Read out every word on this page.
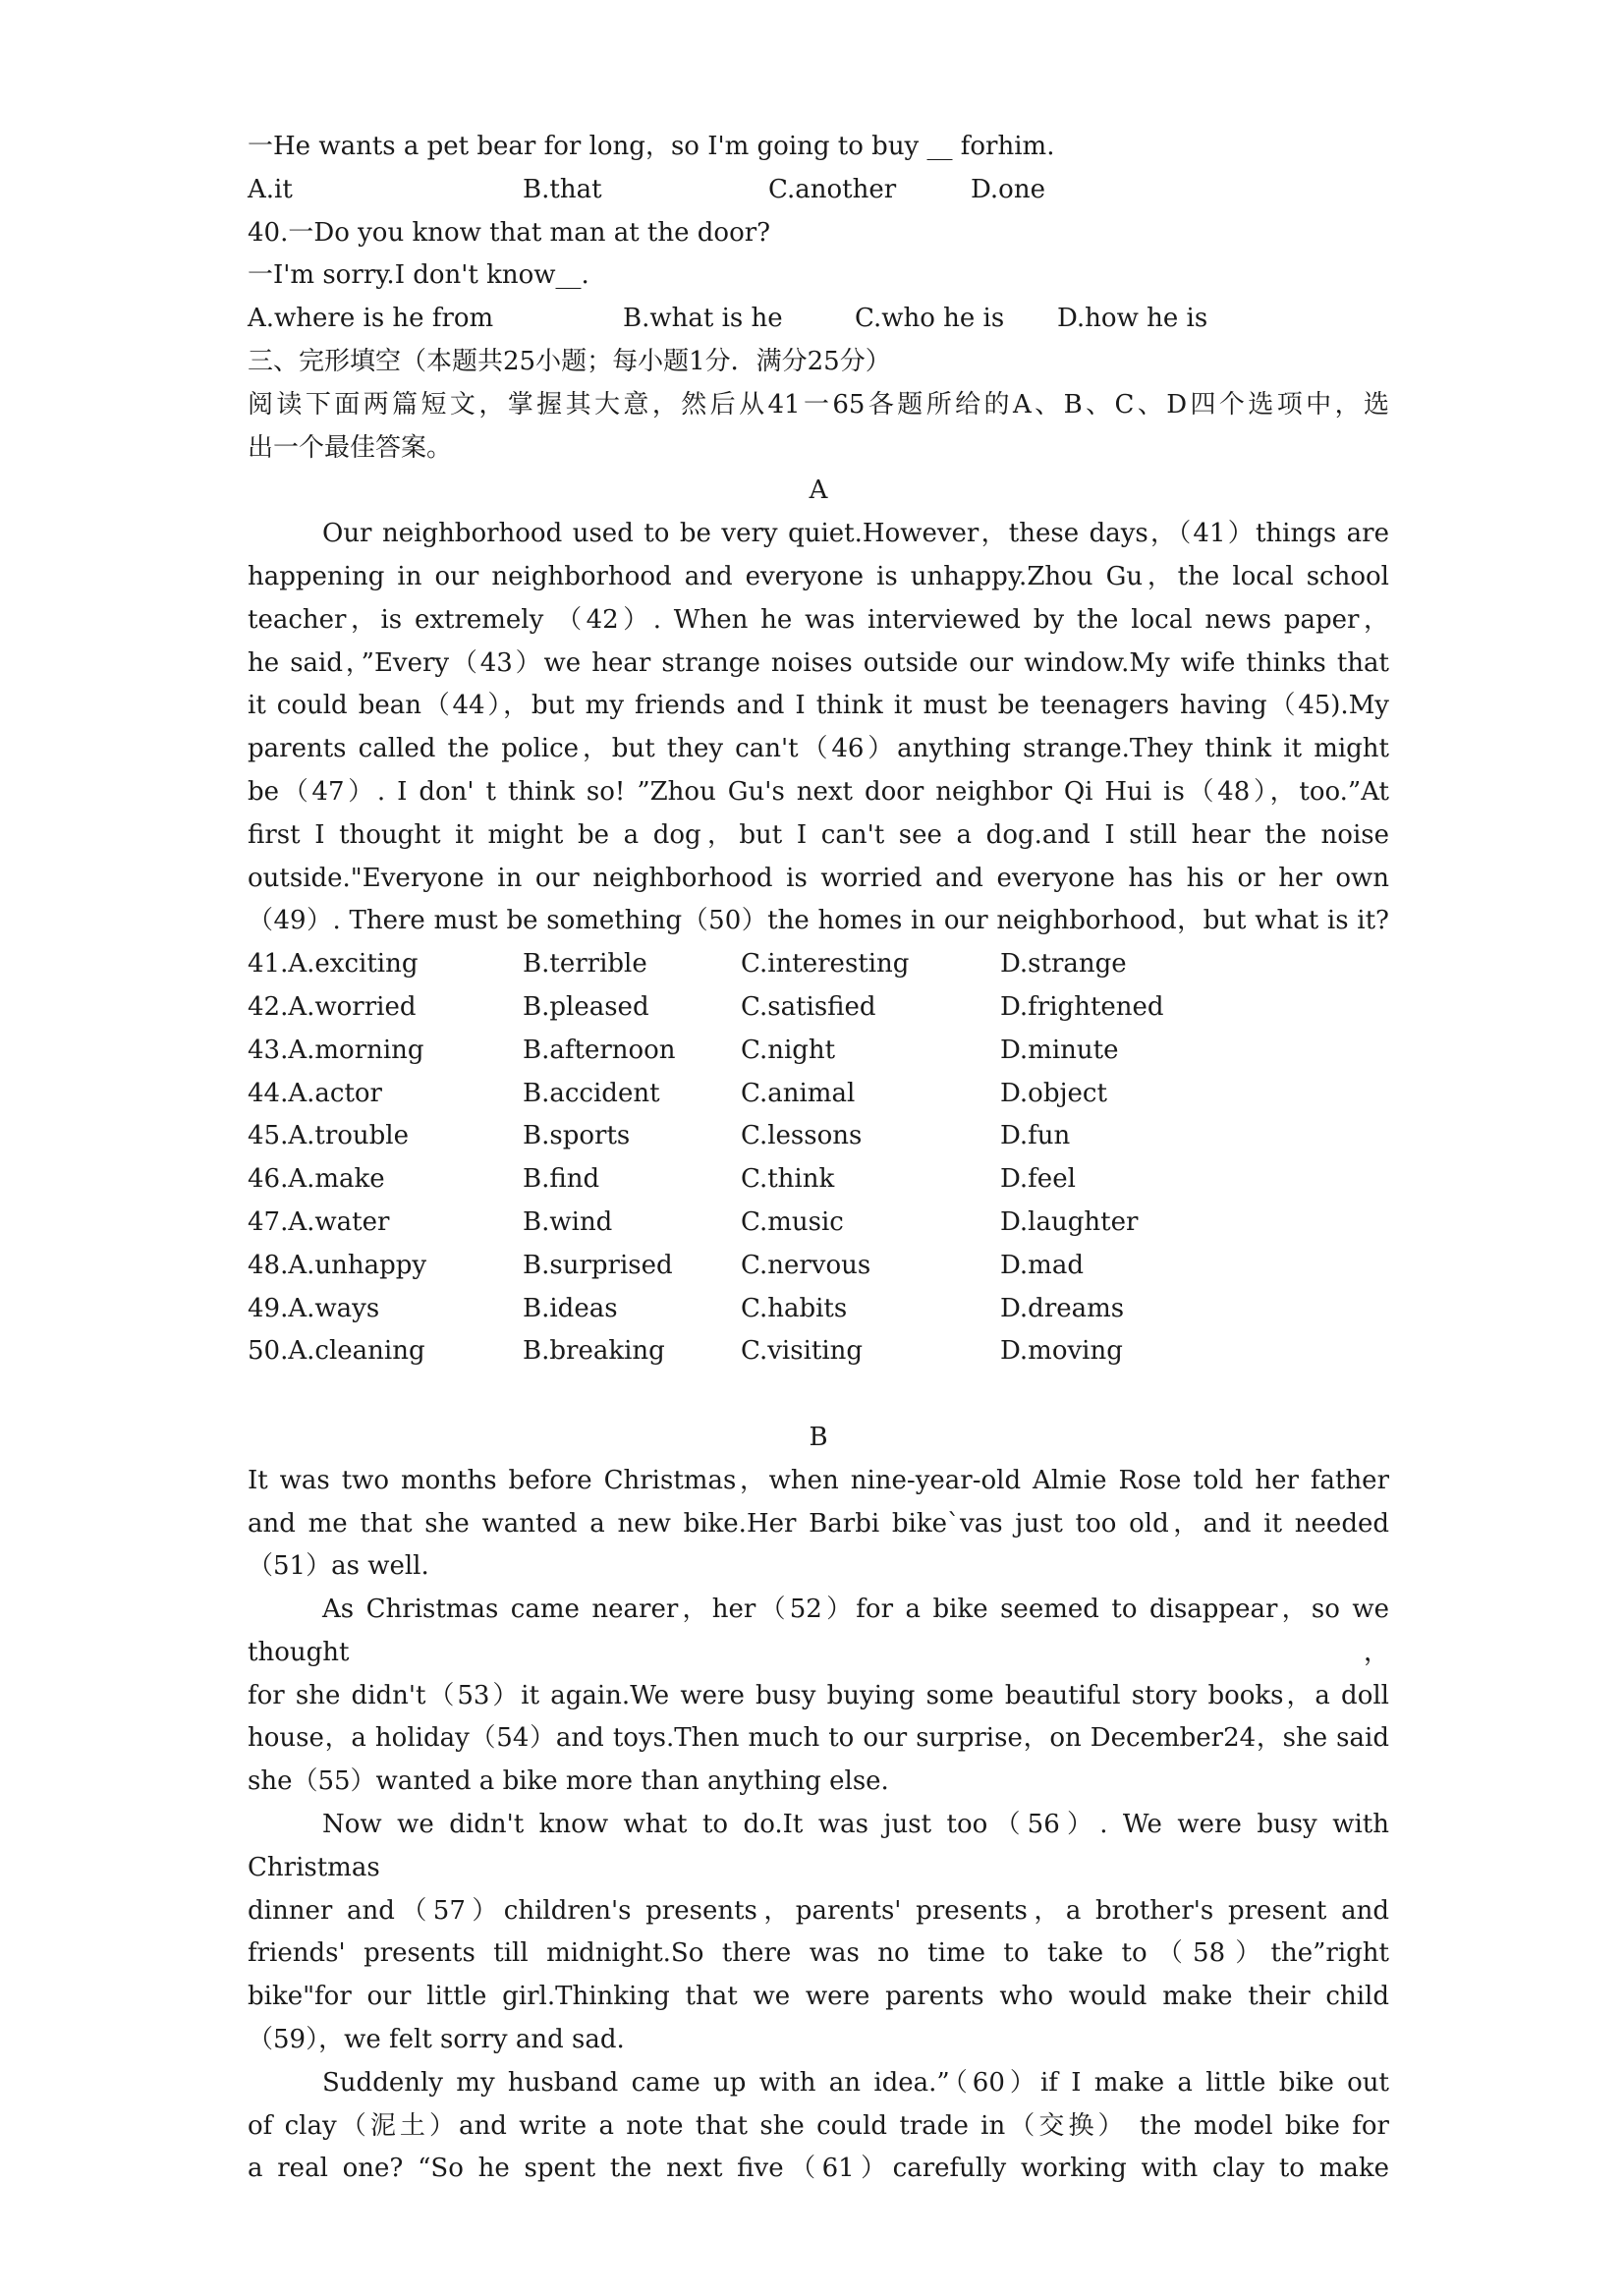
一He wants a pet bear for long，so I'm going to buy __ forhim.
A.it	B.that	C.another	D.one
40.一Do you know that man at the door?
一I'm sorry.I don't know__.
A.where is he from	B.what is he	C.who he is D.how he is
三、完形填空（本题共25小题；每小题1分．满分25分）
阅读下面两篇短文，掌握其大意，然后从41一65各题所给的A、B、C、D四个选项中，选
出一个最佳答案。
A
Our neighborhood used to be very quiet.However，these days，（41）things are
happening in our neighborhood and everyone is unhappy.Zhou Gu，the local school
teacher，is extremely （42）. When he was interviewed by the local news paper，
he said，”Every（43）we hear strange noises outside our window.My wife thinks that
it could bean（44），but my friends and I think it must be teenagers having（45).My
parents called the police，but they can't（46）anything strange.They think it might
be（47）. I don' t think so! ”Zhou Gu's next door neighbor Qi Hui is（48），too.”At
first I thought it might be a dog，but I can't see a dog.and I still hear the noise
outside."Everyone in our neighborhood is worried and everyone has his or her own
（49）. There must be something（50）the homes in our neighborhood，but what is it?
41.A.exciting	B.terrible	C.interesting	D.strange
42.A.worried	B.pleased	C.satisfied	D.frightened
43.A.morning	B.afternoon	C.night	D.minute
44.A.actor	B.accident	C.animal	D.object
45.A.trouble	B.sports	C.lessons	D.fun
46.A.make	B.find	C.think	D.feel
47.A.water	B.wind	C.music	D.laughter
48.A.unhappy	B.surprised	C.nervous	D.mad
49.A.ways	B.ideas	C.habits	D.dreams
50.A.cleaning	B.breaking	C.visiting	D.moving
B
It was two months before Christmas，when nine-year-old Almie Rose told her father
and me that she wanted a new bike.Her Barbi bike`vas just too old，and it needed
（51）as well.
As Christmas came nearer，her（52）for a bike seemed to disappear，so we thought，
for she didn't（53）it again.We were busy buying some beautiful story books，a doll
house，a holiday（54）and toys.Then much to our surprise，on December24，she said
she（55）wanted a bike more than anything else.
Now we didn't know what to do.It was just too（56）. We were busy with Christmas
dinner and（57）children's presents，parents' presents，a brother's present and
friends' presents till midnight.So there was no time to take to（58）the”right
bike"for our little girl.Thinking that we were parents who would make their child
（59），we felt sorry and sad.
Suddenly my husband came up with an idea.”（60）if I make a little bike out
of clay（泥土）and write a note that she could trade in（交换） the model bike for
a real one? “So he spent the next five（61）carefully working with clay to make
